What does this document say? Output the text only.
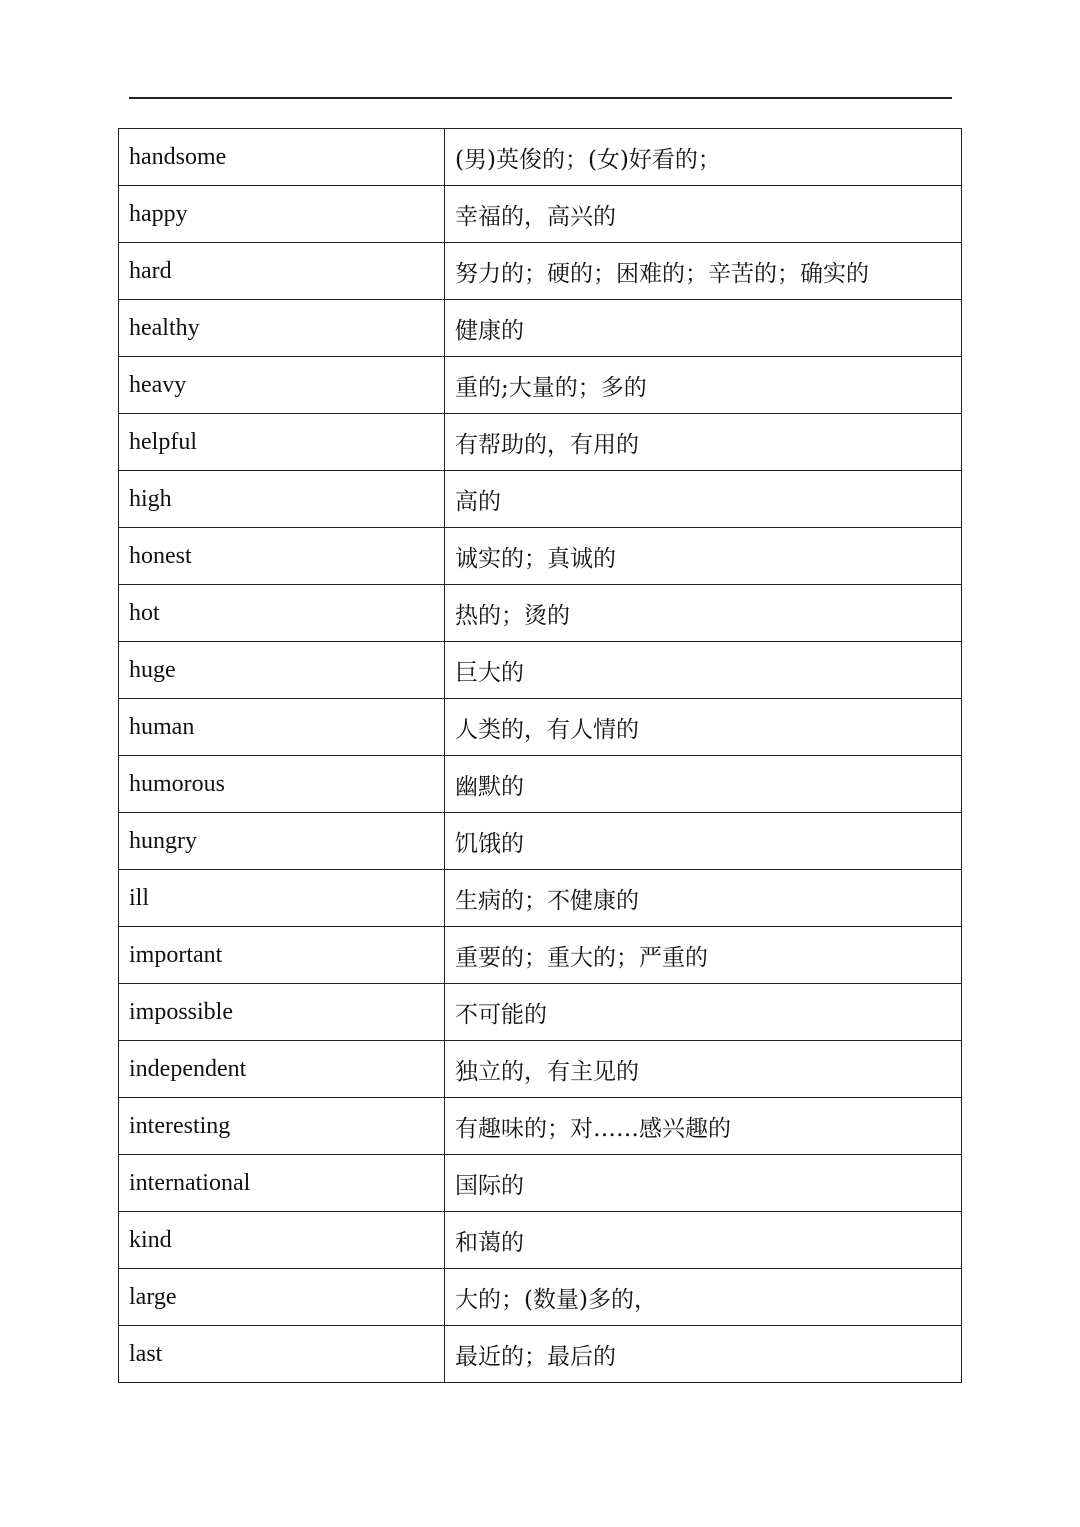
handsome	(男)英俊的；(女)好看的；
happy	幸福的，高兴的
hard	努力的；硬的；困难的；辛苦的；确实的
healthy	健康的
heavy	重的;大量的；多的
helpful	有帮助的，有用的
high	高的
honest	诚实的；真诚的
hot	热的；烫的
huge	巨大的
human	人类的，有人情的
humorous	幽默的
hungry	饥饿的
ill	生病的；不健康的
important	重要的；重大的；严重的
impossible	不可能的
independent	独立的，有主见的
interesting	有趣味的；对……感兴趣的
international	国际的
kind	和蔼的
large	大的；(数量)多的，
last	最近的；最后的
